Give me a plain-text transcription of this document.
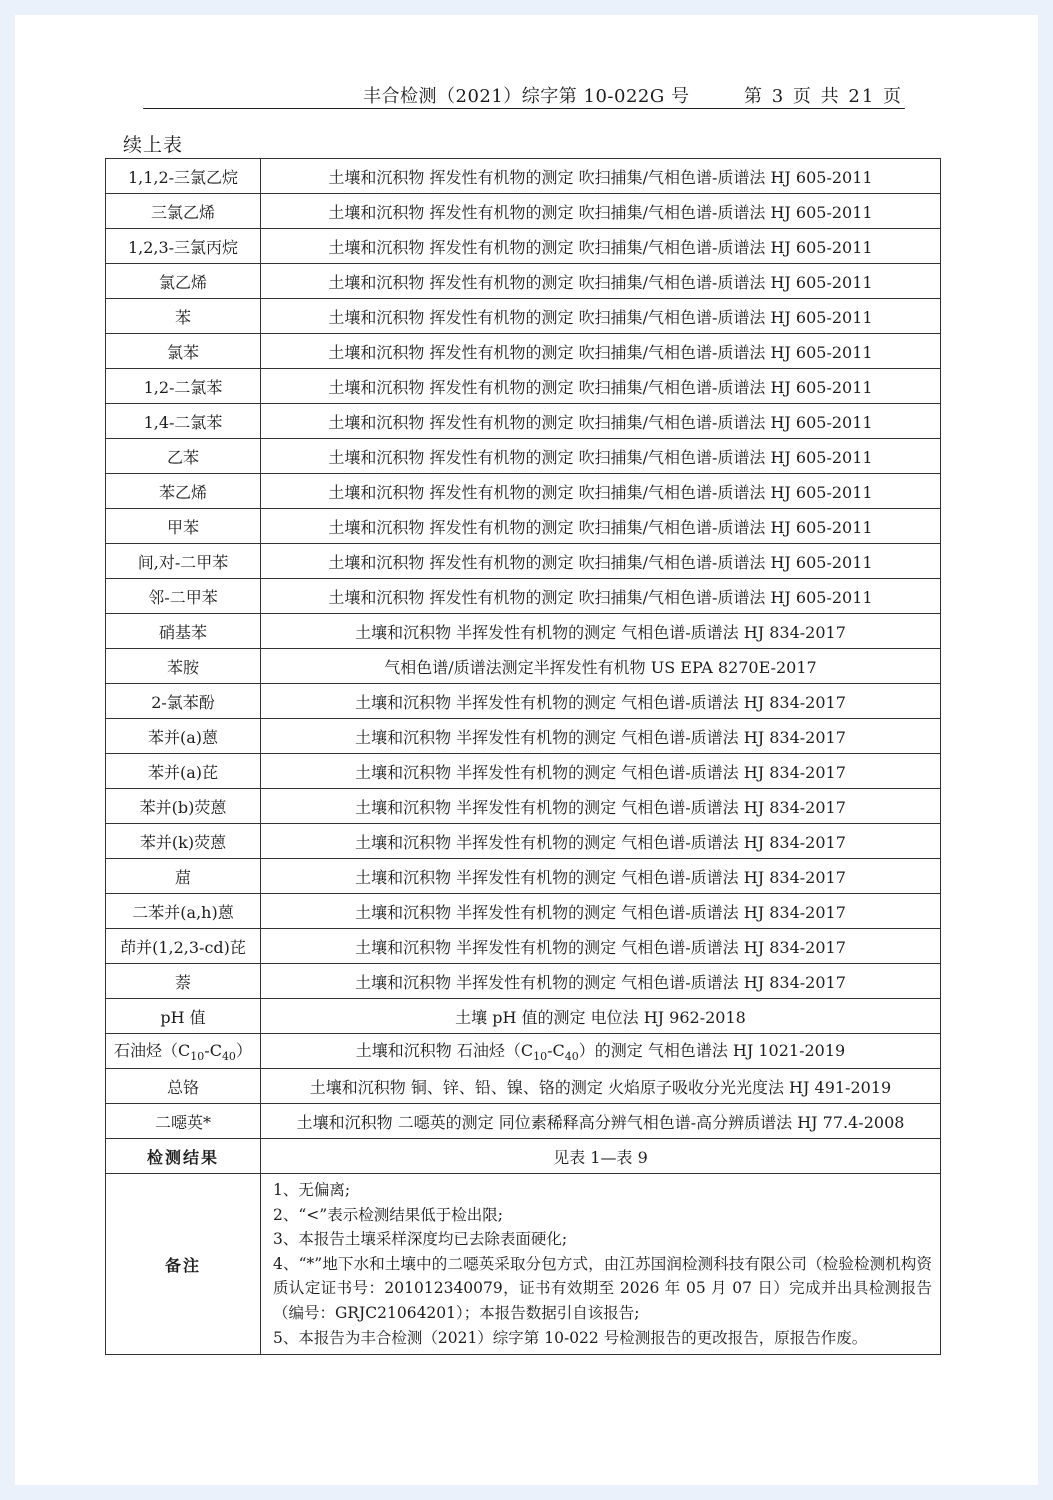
丰合检测（2021）综字第 10-022G 号	第 3 页 共 21 页
续上表
1,1,2-三氯乙烷	土壤和沉积物 挥发性有机物的测定 吹扫捕集/气相色谱-质谱法 HJ 605-2011
三氯乙烯	土壤和沉积物 挥发性有机物的测定 吹扫捕集/气相色谱-质谱法 HJ 605-2011
1,2,3-三氯丙烷	土壤和沉积物 挥发性有机物的测定 吹扫捕集/气相色谱-质谱法 HJ 605-2011
氯乙烯	土壤和沉积物 挥发性有机物的测定 吹扫捕集/气相色谱-质谱法 HJ 605-2011
苯	土壤和沉积物 挥发性有机物的测定 吹扫捕集/气相色谱-质谱法 HJ 605-2011
氯苯	土壤和沉积物 挥发性有机物的测定 吹扫捕集/气相色谱-质谱法 HJ 605-2011
1,2-二氯苯	土壤和沉积物 挥发性有机物的测定 吹扫捕集/气相色谱-质谱法 HJ 605-2011
1,4-二氯苯	土壤和沉积物 挥发性有机物的测定 吹扫捕集/气相色谱-质谱法 HJ 605-2011
乙苯	土壤和沉积物 挥发性有机物的测定 吹扫捕集/气相色谱-质谱法 HJ 605-2011
苯乙烯	土壤和沉积物 挥发性有机物的测定 吹扫捕集/气相色谱-质谱法 HJ 605-2011
甲苯	土壤和沉积物 挥发性有机物的测定 吹扫捕集/气相色谱-质谱法 HJ 605-2011
间,对-二甲苯	土壤和沉积物 挥发性有机物的测定 吹扫捕集/气相色谱-质谱法 HJ 605-2011
邻-二甲苯	土壤和沉积物 挥发性有机物的测定 吹扫捕集/气相色谱-质谱法 HJ 605-2011
硝基苯	土壤和沉积物 半挥发性有机物的测定 气相色谱-质谱法 HJ 834-2017
苯胺	气相色谱/质谱法测定半挥发性有机物 US EPA 8270E-2017
2-氯苯酚	土壤和沉积物 半挥发性有机物的测定 气相色谱-质谱法 HJ 834-2017
苯并(a)蒽	土壤和沉积物 半挥发性有机物的测定 气相色谱-质谱法 HJ 834-2017
苯并(a)芘	土壤和沉积物 半挥发性有机物的测定 气相色谱-质谱法 HJ 834-2017
苯并(b)荧蒽	土壤和沉积物 半挥发性有机物的测定 气相色谱-质谱法 HJ 834-2017
苯并(k)荧蒽	土壤和沉积物 半挥发性有机物的测定 气相色谱-质谱法 HJ 834-2017
䓛	土壤和沉积物 半挥发性有机物的测定 气相色谱-质谱法 HJ 834-2017
二苯并(a,h)蒽	土壤和沉积物 半挥发性有机物的测定 气相色谱-质谱法 HJ 834-2017
茚并(1,2,3-cd)芘	土壤和沉积物 半挥发性有机物的测定 气相色谱-质谱法 HJ 834-2017
萘	土壤和沉积物 半挥发性有机物的测定 气相色谱-质谱法 HJ 834-2017
pH 值	土壤 pH 值的测定 电位法 HJ 962-2018
石油烃$(C_{10}-C_{40})$	土壤和沉积物 石油烃$(C_{10}-C_{40})$的测定 气相色谱法 HJ 1021-2019
总铬	土壤和沉积物 铜、锌、铅、镍、铬的测定 火焰原子吸收分光光度法 HJ 491-2019
二噁英*	土壤和沉积物 二噁英的测定 同位素稀释高分辨气相色谱-高分辨质谱法 HJ 77.4-2008
检测结果	见表 1—表 9
备注	1、无偏离;
2、“<”表示检测结果低于检出限;
3、本报告土壤采样深度均已去除表面硬化;
4、“*”地下水和土壤中的二噁英采取分包方式，由江苏国润检测科技有限公司（检验检测机构资质认定证书号：201012340079，证书有效期至 2026 年 05 月 07 日）完成并出具检测报告（编号：GRJC21064201）；本报告数据引自该报告;
5、本报告为丰合检测（2021）综字第 10-022 号检测报告的更改报告，原报告作废。
